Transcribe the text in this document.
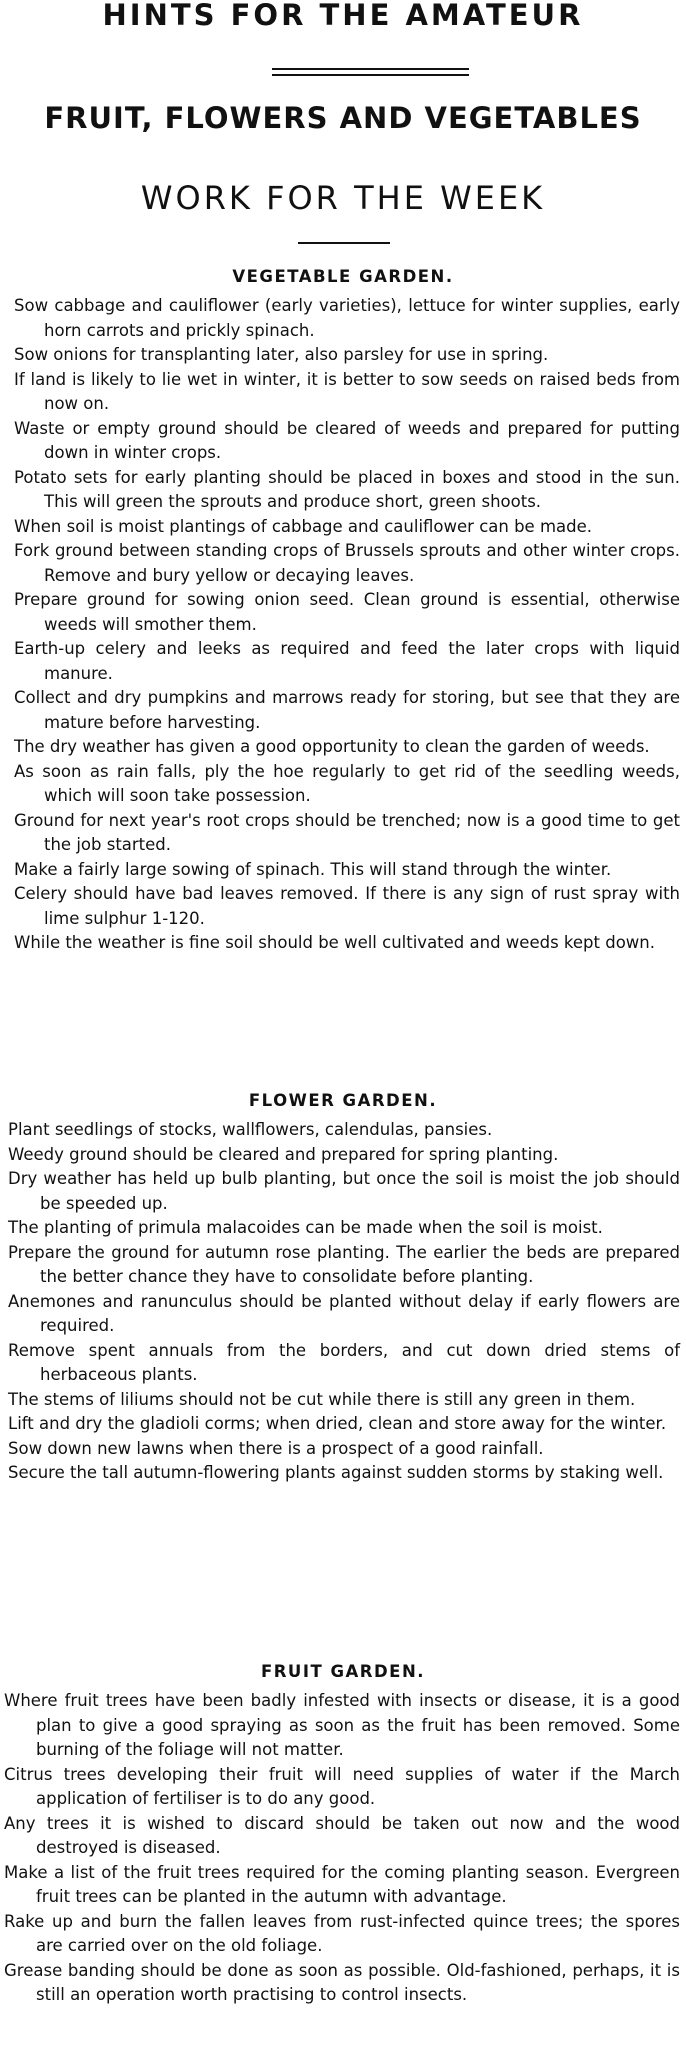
HINTS FOR THE AMATEUR
FRUIT, FLOWERS AND VEGETABLES
WORK FOR THE WEEK
VEGETABLE GARDEN.
Sow cabbage and cauliflower (early varieties), lettuce for winter supplies, early horn carrots and prickly spinach.
Sow onions for transplanting later, also parsley for use in spring.
If land is likely to lie wet in winter, it is better to sow seeds on raised beds from now on.
Waste or empty ground should be cleared of weeds and prepared for putting down in winter crops.
Potato sets for early planting should be placed in boxes and stood in the sun. This will green the sprouts and produce short, green shoots.
When soil is moist plantings of cabbage and cauliflower can be made.
Fork ground between standing crops of Brussels sprouts and other winter crops. Remove and bury yellow or decaying leaves.
Prepare ground for sowing onion seed. Clean ground is essential, otherwise weeds will smother them.
Earth-up celery and leeks as required and feed the later crops with liquid manure.
Collect and dry pumpkins and marrows ready for storing, but see that they are mature before harvesting.
The dry weather has given a good opportunity to clean the garden of weeds.
As soon as rain falls, ply the hoe regularly to get rid of the seedling weeds, which will soon take possession.
Ground for next year's root crops should be trenched; now is a good time to get the job started.
Make a fairly large sowing of spinach. This will stand through the winter.
Celery should have bad leaves removed. If there is any sign of rust spray with lime sulphur 1-120.
While the weather is fine soil should be well cultivated and weeds kept down.
FLOWER GARDEN.
Plant seedlings of stocks, wallflowers, calendulas, pansies.
Weedy ground should be cleared and prepared for spring planting.
Dry weather has held up bulb planting, but once the soil is moist the job should be speeded up.
The planting of primula malacoides can be made when the soil is moist.
Prepare the ground for autumn rose planting. The earlier the beds are prepared the better chance they have to consolidate before planting.
Anemones and ranunculus should be planted without delay if early flowers are required.
Remove spent annuals from the borders, and cut down dried stems of herbaceous plants.
The stems of liliums should not be cut while there is still any green in them.
Lift and dry the gladioli corms; when dried, clean and store away for the winter.
Sow down new lawns when there is a prospect of a good rainfall.
Secure the tall autumn-flowering plants against sudden storms by staking well.
FRUIT GARDEN.
Where fruit trees have been badly infested with insects or disease, it is a good plan to give a good spraying as soon as the fruit has been removed. Some burning of the foliage will not matter.
Citrus trees developing their fruit will need supplies of water if the March application of fertiliser is to do any good.
Any trees it is wished to discard should be taken out now and the wood destroyed is diseased.
Make a list of the fruit trees required for the coming planting season. Evergreen fruit trees can be planted in the autumn with advantage.
Rake up and burn the fallen leaves from rust-infected quince trees; the spores are carried over on the old foliage.
Grease banding should be done as soon as possible. Old-fashioned, perhaps, it is still an operation worth practising to control insects.
